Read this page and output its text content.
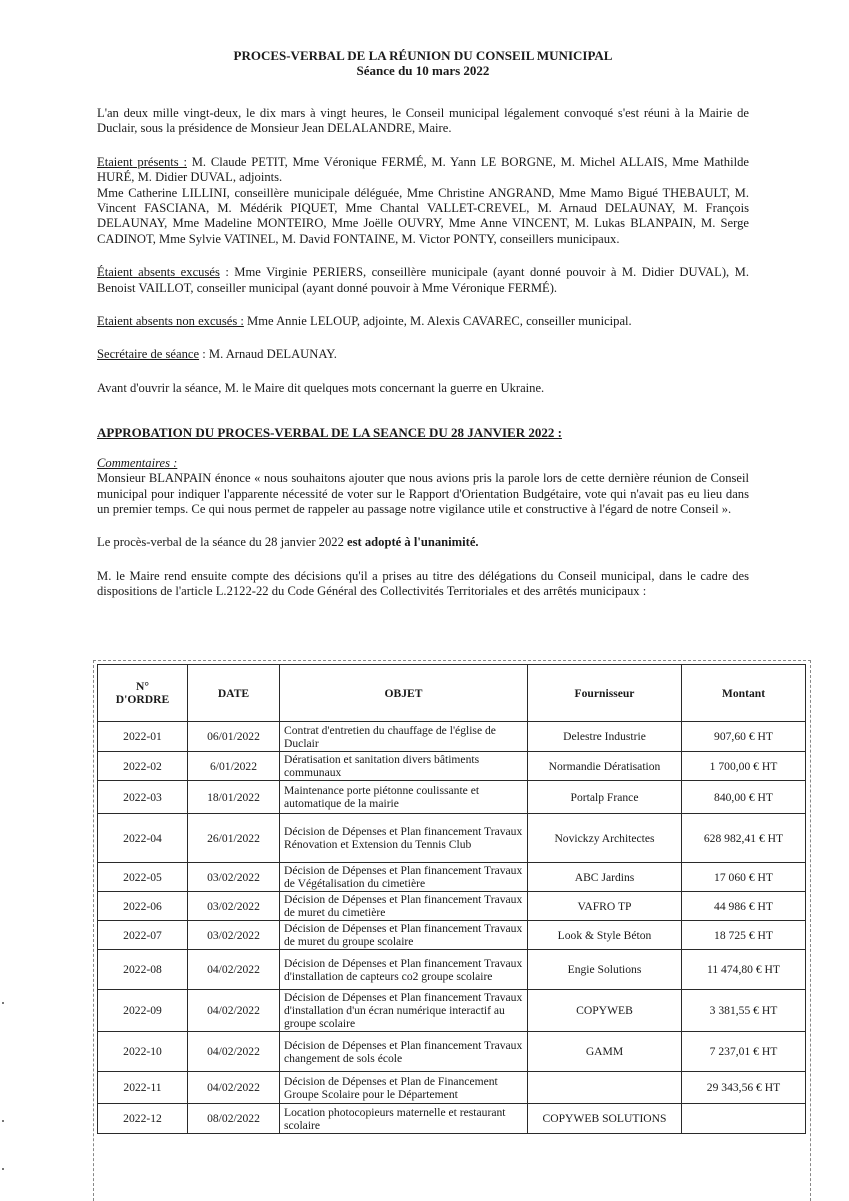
PROCES-VERBAL DE LA RÉUNION DU CONSEIL MUNICIPAL
Séance du 10 mars 2022

L'an deux mille vingt-deux, le dix mars à vingt heures, le Conseil municipal légalement convoqué s'est réuni à la Mairie de Duclair, sous la présidence de Monsieur Jean DELALANDRE, Maire.

Etaient présents : M. Claude PETIT, Mme Véronique FERMÉ, M. Yann LE BORGNE, M. Michel ALLAIS, Mme Mathilde HURÉ, M. Didier DUVAL, adjoints.

Mme Catherine LILLINI, conseillère municipale déléguée, Mme Christine ANGRAND, Mme Mamo Bigué THEBAULT, M. Vincent FASCIANA, M. Médérik PIQUET, Mme Chantal VALLET-CREVEL, M. Arnaud DELAUNAY, M. François DELAUNAY, Mme Madeline MONTEIRO, Mme Joëlle OUVRY, Mme Anne VINCENT, M. Lukas BLANPAIN, M. Serge CADINOT, Mme Sylvie VATINEL, M. David FONTAINE, M. Victor PONTY, conseillers municipaux.

Étaient absents excusés : Mme Virginie PERIERS, conseillère municipale (ayant donné pouvoir à M. Didier DUVAL), M. Benoist VAILLOT, conseiller municipal (ayant donné pouvoir à Mme Véronique FERMÉ).

Etaient absents non excusés : Mme Annie LELOUP, adjointe, M. Alexis CAVAREC, conseiller municipal.

Secrétaire de séance : M. Arnaud DELAUNAY.

Avant d'ouvrir la séance, M. le Maire dit quelques mots concernant la guerre en Ukraine.

APPROBATION DU PROCES-VERBAL DE LA SEANCE DU 28 JANVIER 2022 :

Commentaires :

Monsieur BLANPAIN énonce « nous souhaitons ajouter que nous avions pris la parole lors de cette dernière réunion de Conseil municipal pour indiquer l'apparente nécessité de voter sur le Rapport d'Orientation Budgétaire, vote qui n'avait pas eu lieu dans un premier temps. Ce qui nous permet de rappeler au passage notre vigilance utile et constructive à l'égard de notre Conseil ».

Le procès-verbal de la séance du 28 janvier 2022 est adopté à l'unanimité.

M. le Maire rend ensuite compte des décisions qu'il a prises au titre des délégations du Conseil municipal, dans le cadre des dispositions de l'article L.2122-22 du Code Général des Collectivités Territoriales et des arrêtés municipaux :

N°
D'ORDRE	DATE	OBJET	Fournisseur	Montant
2022-01	06/01/2022	Contrat d'entretien du chauffage de l'église de Duclair	Delestre Industrie	907,60 € HT
2022-02	6/01/2022	Dératisation et sanitation divers bâtiments communaux	Normandie Dératisation	1 700,00 € HT
2022-03	18/01/2022	Maintenance porte piétonne coulissante et automatique de la mairie	Portalp France	840,00 € HT
2022-04	26/01/2022	Décision de Dépenses et Plan financement Travaux Rénovation et Extension du Tennis Club	Novickzy Architectes	628 982,41 € HT
2022-05	03/02/2022	Décision de Dépenses et Plan financement Travaux de Végétalisation du cimetière	ABC Jardins	17 060 € HT
2022-06	03/02/2022	Décision de Dépenses et Plan financement Travaux de muret du cimetière	VAFRO TP	44 986 € HT
2022-07	03/02/2022	Décision de Dépenses et Plan financement Travaux de muret du groupe scolaire	Look & Style Béton	18 725 € HT
2022-08	04/02/2022	Décision de Dépenses et Plan financement Travaux d'installation de capteurs co2 groupe scolaire	Engie Solutions	11 474,80 € HT
2022-09	04/02/2022	Décision de Dépenses et Plan financement Travaux d'installation d'un écran numérique interactif au groupe scolaire	COPYWEB	3 381,55 € HT
2022-10	04/02/2022	Décision de Dépenses et Plan financement Travaux changement de sols école	GAMM	7 237,01 € HT
2022-11	04/02/2022	Décision de Dépenses et Plan de Financement Groupe Scolaire pour le Département		29 343,56 € HT
2022-12	08/02/2022	Location photocopieurs maternelle et restaurant scolaire	COPYWEB SOLUTIONS	
